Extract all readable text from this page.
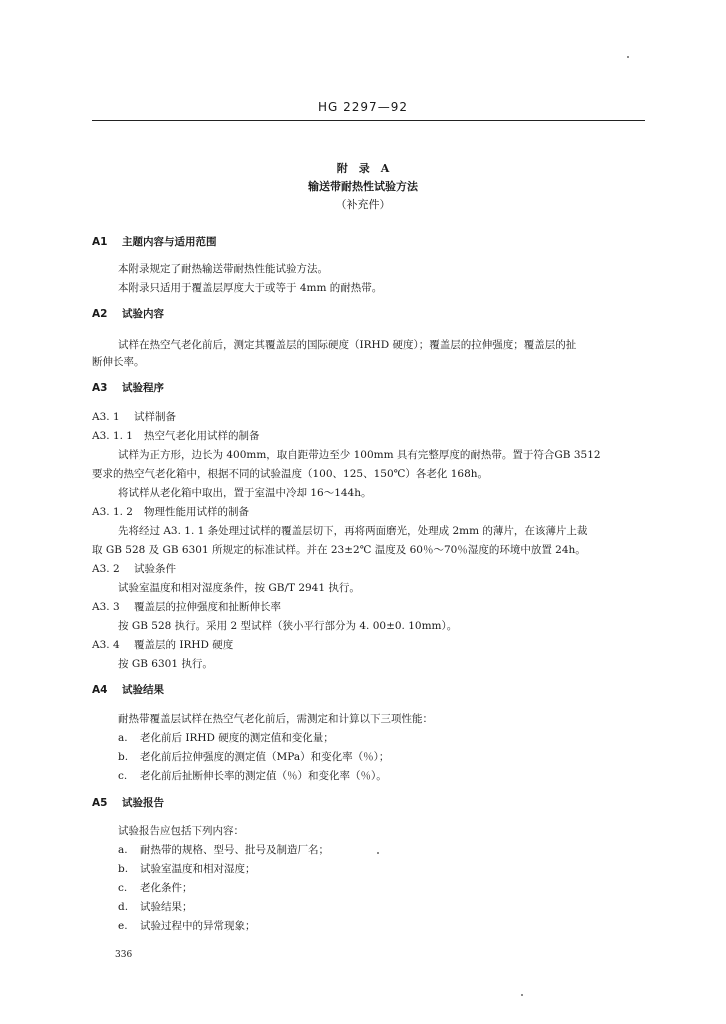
HG 2297—92
附　录　A
输送带耐热性试验方法
（补充件）
A1 主题内容与适用范围
本附录规定了耐热输送带耐热性能试验方法。
本附录只适用于覆盖层厚度大于或等于 4mm 的耐热带。
A2 试验内容
试样在热空气老化前后，测定其覆盖层的国际硬度（IRHD 硬度）；覆盖层的拉伸强度；覆盖层的扯
断伸长率。
A3 试验程序
A3. 1 试样制备
A3. 1. 1 热空气老化用试样的制备
试样为正方形，边长为 400mm，取自距带边至少 100mm 具有完整厚度的耐热带。置于符合GB 3512
要求的热空气老化箱中，根据不同的试验温度（100、125、150℃）各老化 168h。
将试样从老化箱中取出，置于室温中冷却 16～144h。
A3. 1. 2 物理性能用试样的制备
先将经过 A3. 1. 1 条处理过试样的覆盖层切下，再将两面磨光，处理成 2mm 的薄片，在该薄片上裁
取 GB 528 及 GB 6301 所规定的标准试样。并在 23±2℃ 温度及 60％～70％湿度的环境中放置 24h。
A3. 2 试验条件
试验室温度和相对湿度条件，按 GB/T 2941 执行。
A3. 3 覆盖层的拉伸强度和扯断伸长率
按 GB 528 执行。采用 2 型试样（狭小平行部分为 4. 00±0. 10mm）。
A3. 4 覆盖层的 IRHD 硬度
按 GB 6301 执行。
A4 试验结果
耐热带覆盖层试样在热空气老化前后，需测定和计算以下三项性能：
a. 老化前后 IRHD 硬度的测定值和变化量；
b. 老化前后拉伸强度的测定值（MPa）和变化率（％）；
c. 老化前后扯断伸长率的测定值（％）和变化率（％）。
A5 试验报告
试验报告应包括下列内容：
a. 耐热带的规格、型号、批号及制造厂名；
b. 试验室温度和相对湿度；
c. 老化条件；
d. 试验结果；
e. 试验过程中的异常现象；
336
